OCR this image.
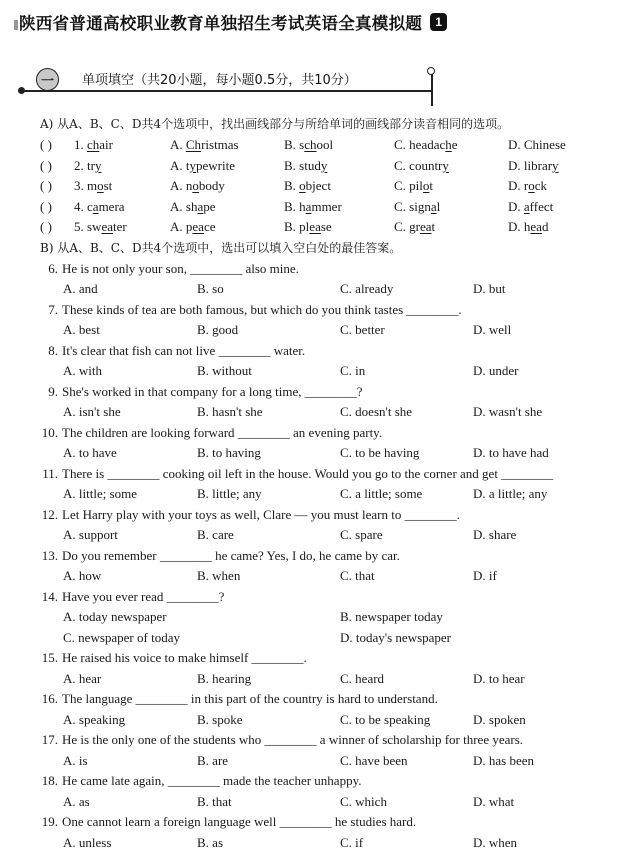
陕西省普通高校职业教育单独招生考试英语全真模拟题	1
一	单项填空（共20小题，每小题0.5分，共10分）
A) 从A、B、C、D共4个选项中，找出画线部分与所给单词的画线部分读音相同的选项。
( ) 1. chair	A. Christmas	B. school	C. headache	D. Chinese
( ) 2. try	A. typewrite	B. study	C. country	D. library
( ) 3. most	A. nobody	B. object	C. pilot	D. rock
( ) 4. camera	A. shape	B. hammer	C. signal	D. affect
( ) 5. sweater	A. peace	B. please	C. great	D. head
B) 从A、B、C、D共4个选项中，选出可以填入空白处的最佳答案。
6. He is not only your son, ________ also mine.
A. and	B. so	C. already	D. but
7. These kinds of tea are both famous, but which do you think tastes ________.
A. best	B. good	C. better	D. well
8. It's clear that fish can not live ________ water.
A. with	B. without	C. in	D. under
9. She's worked in that company for a long time, ________?
A. isn't she	B. hasn't she	C. doesn't she	D. wasn't she
10. The children are looking forward ________ an evening party.
A. to have	B. to having	C. to be having	D. to have had
11. There is ________ cooking oil left in the house. Would you go to the corner and get ________
A. little; some	B. little; any	C. a little; some	D. a little; any
12. Let Harry play with your toys as well, Clare — you must learn to ________.
A. support	B. care	C. spare	D. share
13. Do you remember ________ he came? Yes, I do, he came by car.
A. how	B. when	C. that	D. if
14. Have you ever read ________?
A. today newspaper	B. newspaper today
C. newspaper of today	D. today's newspaper
15. He raised his voice to make himself ________.
A. hear	B. hearing	C. heard	D. to hear
16. The language ________ in this part of the country is hard to understand.
A. speaking	B. spoke	C. to be speaking	D. spoken
17. He is the only one of the students who ________ a winner of scholarship for three years.
A. is	B. are	C. have been	D. has been
18. He came late again, ________ made the teacher unhappy.
A. as	B. that	C. which	D. what
19. One cannot learn a foreign language well ________ he studies hard.
A. unless	B. as	C. if	D. when
